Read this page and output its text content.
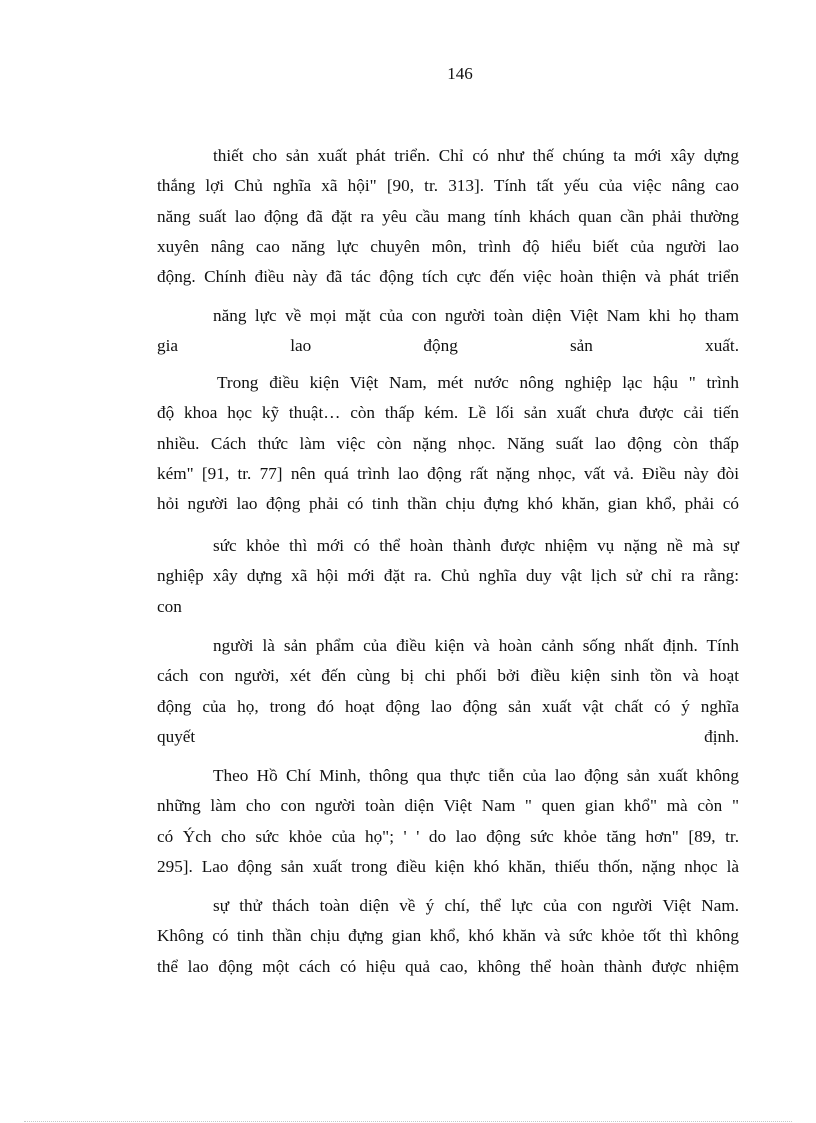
146
thiết cho sản xuất phát triển. Chỉ có như thế chúng ta mới xây dựng
thắng lợi Chủ nghĩa xã hội" [90, tr. 313]. Tính tất yếu của việc nâng cao
năng suất lao động đã đặt ra yêu cầu mang tính khách quan cần phải thường
xuyên nâng cao năng lực chuyên môn, trình độ hiểu biết của người lao
động. Chính điều này đã tác động tích cực đến việc hoàn thiện và phát triển
năng lực về mọi mặt của con người toàn diện Việt Nam khi họ tham
gia lao động sản xuất.
Trong điều kiện Việt Nam, mét nước nông nghiệp lạc hậu " trình
độ khoa học kỹ thuật… còn thấp kém. Lề lối sản xuất chưa được cải tiến
nhiều. Cách thức làm việc còn nặng nhọc. Năng suất lao động còn thấp
kém" [91, tr. 77] nên quá trình lao động rất nặng nhọc, vất vả. Điều này đòi
hỏi người lao động phải có tinh thần chịu đựng khó khăn, gian khổ, phải có
sức khỏe thì mới có thể hoàn thành được nhiệm vụ nặng nề mà sự
nghiệp xây dựng xã hội mới đặt ra. Chủ nghĩa duy vật lịch sử chỉ ra rằng:
con
người là sản phẩm của điều kiện và hoàn cảnh sống nhất định. Tính
cách con người, xét đến cùng bị chi phối bởi điều kiện sinh tồn và hoạt
động của họ, trong đó hoạt động lao động sản xuất vật chất có ý nghĩa
quyết định.
Theo Hồ Chí Minh, thông qua thực tiễn của lao động sản xuất không
những làm cho con người toàn diện Việt Nam " quen gian khổ" mà còn "
có Ých cho sức khỏe của họ"; ' ' do lao động sức khỏe tăng hơn" [89, tr.
295]. Lao động sản xuất trong điều kiện khó khăn, thiếu thốn, nặng nhọc là
sự thử thách toàn diện về ý chí, thể lực của con người Việt Nam.
Không có tinh thần chịu đựng gian khổ, khó khăn và sức khỏe tốt thì không
thể lao động một cách có hiệu quả cao, không thể hoàn thành được nhiệm
